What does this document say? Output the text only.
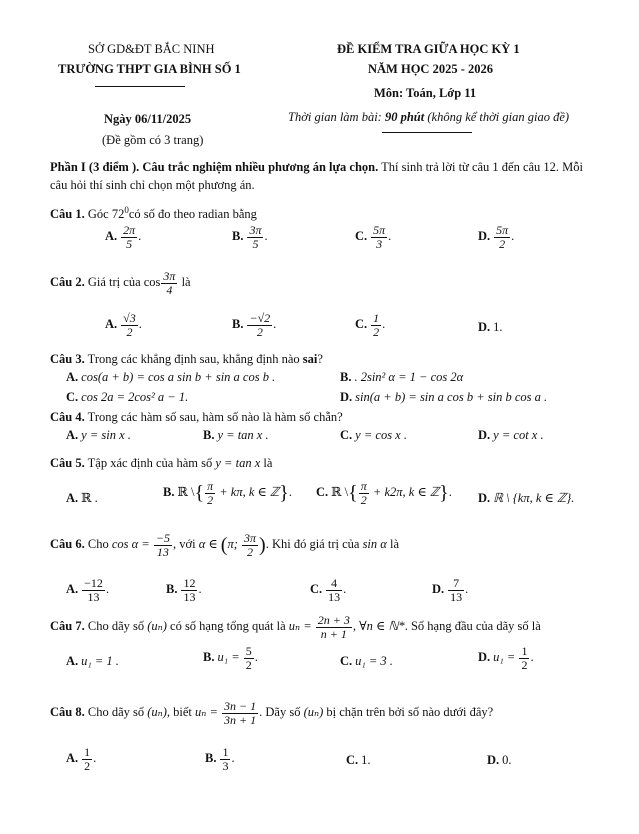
SỞ GD&ĐT BẮC NINH
TRƯỜNG THPT GIA BÌNH SỐ 1
Ngày 06/11/2025
(Đề gồm có 3 trang)
ĐỀ KIỂM TRA GIỮA HỌC KỲ 1
NĂM HỌC 2025 - 2026
Môn: Toán, Lớp 11
Thời gian làm bài: 90 phút (không kể thời gian giao đề)
Phần I (3 điểm ). Câu trắc nghiệm nhiều phương án lựa chọn. Thí sinh trả lời từ câu 1 đến câu 12. Mỗi
câu hỏi thí sinh chỉ chọn một phương án.
Câu 1. Góc $72^0có$ số đo theo radian bằng
A. $\frac{2\pi}{5}$ .	B. $\frac{3\pi}{5}$ .	C. $\frac{5\pi}{3}$ .	D. $\frac{5\pi}{2}$ .
Câu 2. Giá trị của $\cos \frac{3\pi}{4}$ là
A. $\frac{√3}{2}$ .	B. $\frac{-√2}{2}$ .	C. $\frac{1}{2}$ .	D. 1.
Câu 3. Trong các khẳng định sau, khẳng định nào sai?
A. cos(a + b) = cos a sin b + sin a cos b .	B. . 2sin² α = 1 − cos 2α
C. cos 2a = 2cos² a − 1.	D. sin(a + b) = sin a cos b + sin b cos a .
Câu 4. Trong các hàm số sau, hàm số nào là hàm số chẵn?
A. y = sin x .	B. y = tan x .	C. y = cos x .	D. y = cot x .
Câu 5. Tập xác định của hàm số y = tan x là
A. ℝ .	B. ℝ \{ $\frac{\pi}{2} + k\pi$, k ∈ ℤ}. C. ℝ \{ $\frac{\pi}{2} + k2\pi$, k ∈ ℤ}. D. ℝ \ {kπ, k ∈ ℤ}.
Câu 6. Cho $\cos \alpha = \frac{-5}{13}$ , với α ∈ (π; $\frac{3\pi}{2}$ ). Khi đó giá trị của sin α là
A. $\frac{-12}{13}$ .	B. $\frac{12}{13}$ .	C. $\frac{4}{13}$ .	D. $\frac{7}{13}$ .
Câu 7. Cho dãy số (uₙ) có số hạng tổng quát là $u_n = \frac{2n + 3}{n + 1}$ , ∀n ∈ ℕ*. Số hạng đầu của dãy số là
A. u₁ = 1 .	B. $u_1 = \frac{5}{2}$ .	C. u₁ = 3 .	D. $u_1 = \frac{1}{2}$ .
Câu 8. Cho dãy số (uₙ), biết $u_n = \frac{3n - 1}{3n + 1}$ . Dãy số (uₙ) bị chặn trên bởi số nào dưới đây?
A. $\frac{1}{2}$ .	B. $\frac{1}{3}$ .	C. 1.	D. 0.
